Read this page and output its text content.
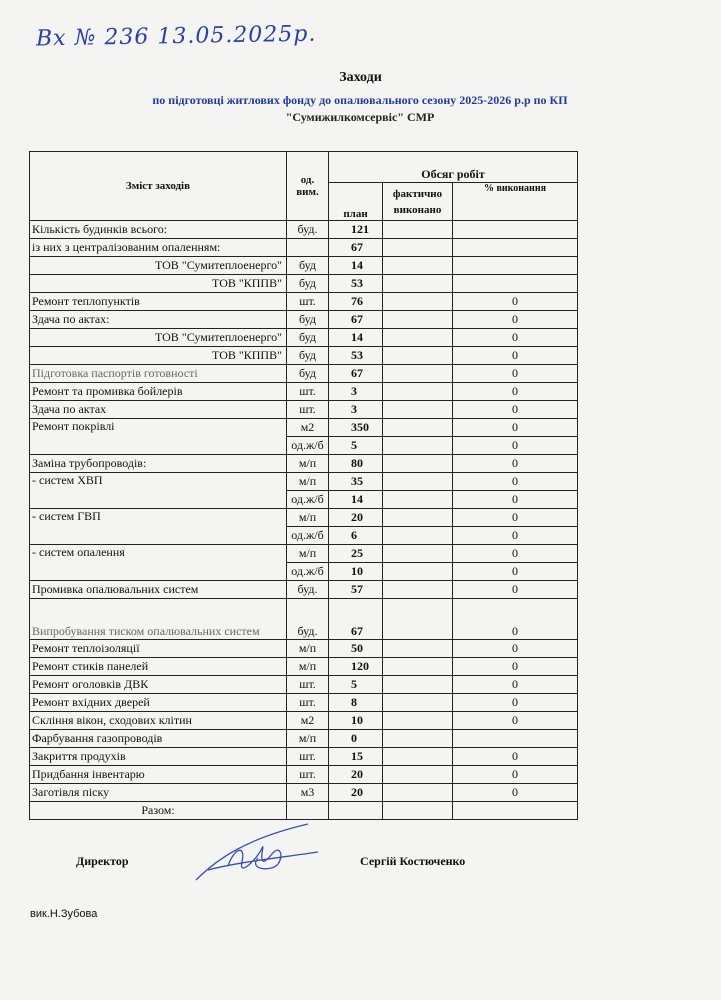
Вх № 236 13.05.2025р.
Заходи
по підготовці житлових фонду до опалювального сезону 2025-2026 р.р по КП
"Сумижилкомсервіс" СМР
Зміст заходів	од. вим.	Обсяг робіт		
		план	фактично виконано	% виконання
Кількість будинків всього:	буд.	121		
із них з централізованим опаленням:		67		
ТОВ "Сумитеплоенерго"	буд	14		
ТОВ "КППВ"	буд	53		
Ремонт теплопунктів	шт.	76		0
Здача по актах:	буд	67		0
ТОВ "Сумитеплоенерго"	буд	14		0
ТОВ "КППВ"	буд	53		0
Підготовка паспортів готовності	буд	67		0
Ремонт та промивка бойлерів	шт.	3		0
Здача по актах	шт.	3		0
Ремонт покрівлі	м2	350		0
	од.ж/б	5		0
Заміна трубопроводів:	м/п	80		0
- систем ХВП	м/п	35		0
	од.ж/б	14		0
- систем ГВП	м/п	20		0
	од.ж/б	6		0
- систем опалення	м/п	25		0
	од.ж/б	10		0
Промивка опалювальних систем	буд.	57		0
Випробування тиском опалювальних систем	буд.	67		0
Ремонт теплоізоляції	м/п	50		0
Ремонт стиків панелей	м/п	120		0
Ремонт оголовків ДВК	шт.	5		0
Ремонт вхідних дверей	шт.	8		0
Скління вікон, сходових клітин	м2	10		0
Фарбування газопроводів	м/п	0		
Закриття продухів	шт.	15		0
Придбання інвентарю	шт.	20		0
Заготівля піску	м3	20		0
Разом:				
Директор	Сергій Костюченко
вик.Н.Зубова
